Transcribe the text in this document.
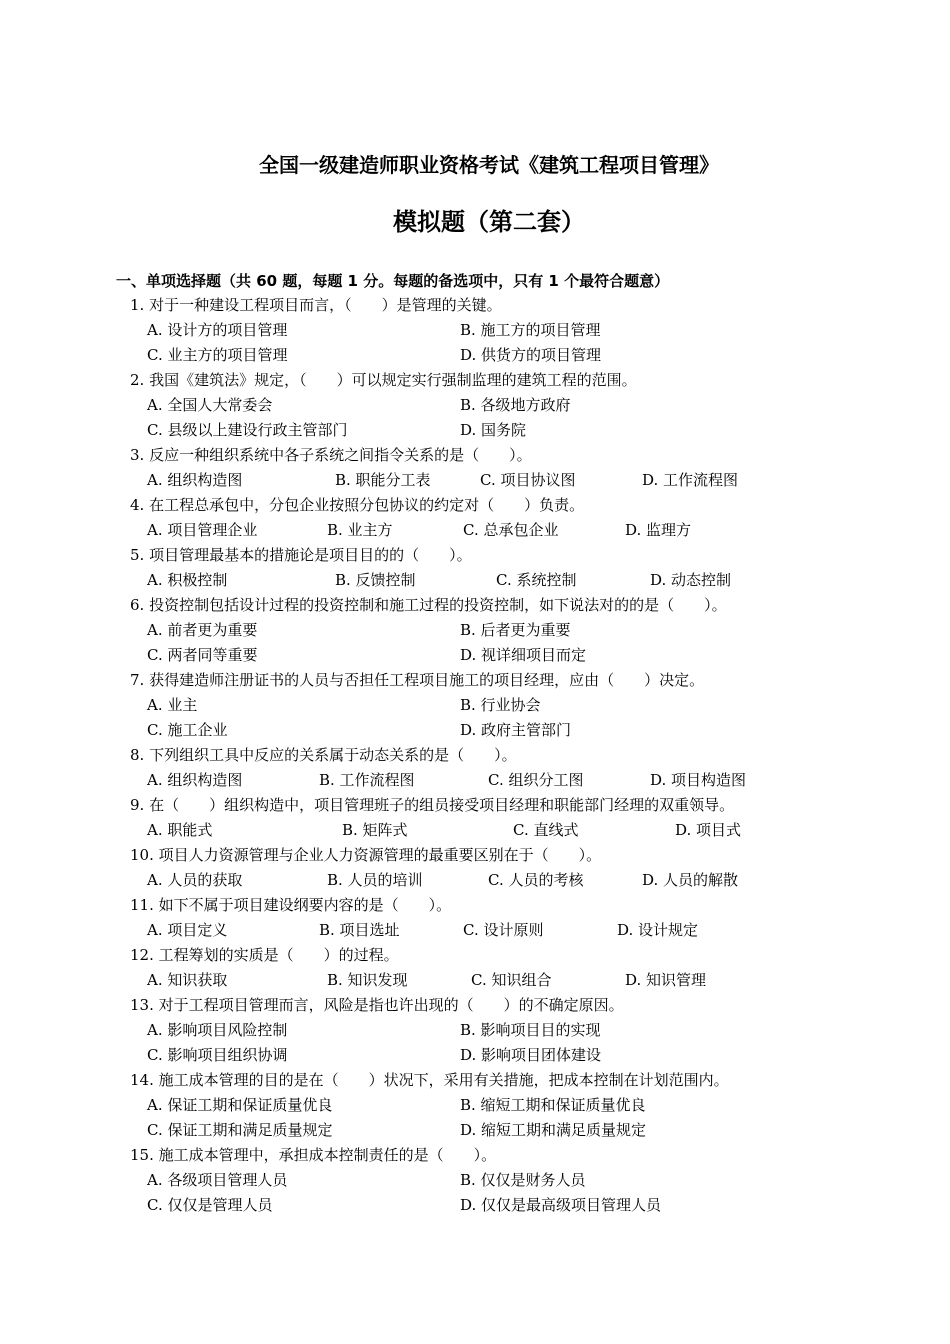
全国一级建造师职业资格考试《建筑工程项目管理》
模拟题（第二套）
一、单项选择题（共 60 题，每题 1 分。每题的备选项中，只有 1 个最符合题意）
1. 对于一种建设工程项目而言，（　　）是管理的关键。
A. 设计方的项目管理	B. 施工方的项目管理
C. 业主方的项目管理	D. 供货方的项目管理
2. 我国《建筑法》规定，（　　）可以规定实行强制监理的建筑工程的范围。
A. 全国人大常委会	B. 各级地方政府
C. 县级以上建设行政主管部门	D. 国务院
3. 反应一种组织系统中各子系统之间指令关系的是（　　）。
A. 组织构造图	B. 职能分工表	C. 项目协议图	D. 工作流程图
4. 在工程总承包中，分包企业按照分包协议的约定对（　　）负责。
A. 项目管理企业	B. 业主方	C. 总承包企业	D. 监理方
5. 项目管理最基本的措施论是项目目的的（　　）。
A. 积极控制	B. 反馈控制	C. 系统控制	D. 动态控制
6. 投资控制包括设计过程的投资控制和施工过程的投资控制，如下说法对的的是（　　）。
A. 前者更为重要	B. 后者更为重要
C. 两者同等重要	D. 视详细项目而定
7. 获得建造师注册证书的人员与否担任工程项目施工的项目经理，应由（　　）决定。
A. 业主	B. 行业协会
C. 施工企业	D. 政府主管部门
8. 下列组织工具中反应的关系属于动态关系的是（　　）。
A. 组织构造图	B. 工作流程图	C. 组织分工图	D. 项目构造图
9. 在（　　）组织构造中，项目管理班子的组员接受项目经理和职能部门经理的双重领导。
A. 职能式	B. 矩阵式	C. 直线式	D. 项目式
10. 项目人力资源管理与企业人力资源管理的最重要区别在于（　　）。
A. 人员的获取	B. 人员的培训	C. 人员的考核	D. 人员的解散
11. 如下不属于项目建设纲要内容的是（　　）。
A. 项目定义	B. 项目选址	C. 设计原则	D. 设计规定
12. 工程筹划的实质是（　　）的过程。
A. 知识获取	B. 知识发现	C. 知识组合	D. 知识管理
13. 对于工程项目管理而言，风险是指也许出现的（　　）的不确定原因。
A. 影响项目风险控制	B. 影响项目目的实现
C. 影响项目组织协调	D. 影响项目团体建设
14. 施工成本管理的目的是在（　　）状况下，采用有关措施，把成本控制在计划范围内。
A. 保证工期和保证质量优良	B. 缩短工期和保证质量优良
C. 保证工期和满足质量规定	D. 缩短工期和满足质量规定
15. 施工成本管理中，承担成本控制责任的是（　　）。
A. 各级项目管理人员	B. 仅仅是财务人员
C. 仅仅是管理人员	D. 仅仅是最高级项目管理人员
